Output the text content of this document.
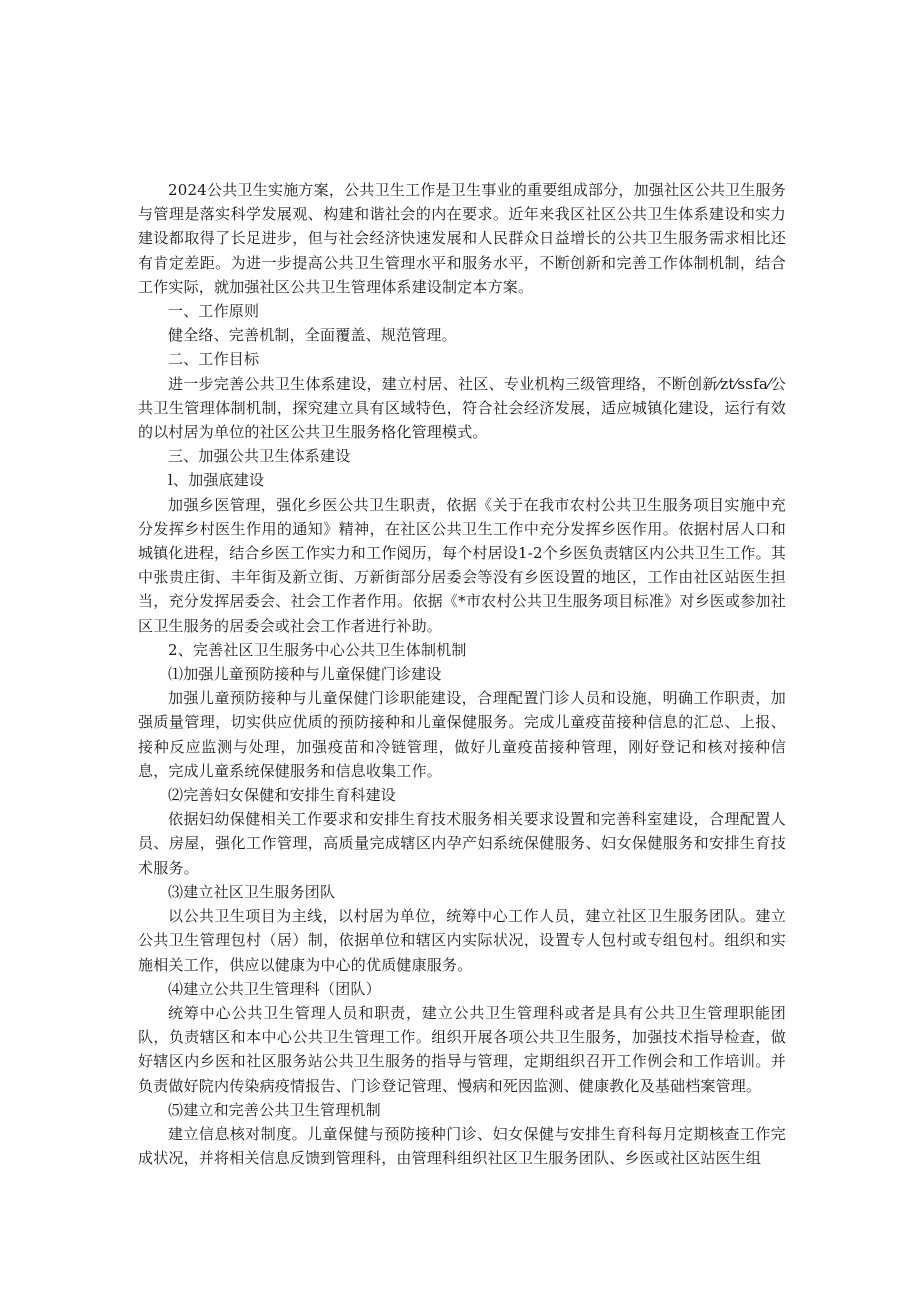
2024公共卫生实施方案，公共卫生工作是卫生事业的重要组成部分，加强社区公共卫生服务与管理是落实科学发展观、构建和谐社会的内在要求。近年来我区社区公共卫生体系建设和实力建设都取得了长足进步，但与社会经济快速发展和人民群众日益增长的公共卫生服务需求相比还有肯定差距。为进一步提高公共卫生管理水平和服务水平，不断创新和完善工作体制机制，结合工作实际，就加强社区公共卫生管理体系建设制定本方案。

一、工作原则

健全络、完善机制，全面覆盖、规范管理。

二、工作目标

进一步完善公共卫生体系建设，建立村居、社区、专业机构三级管理络，不断创新⁄zt⁄ssfa⁄公共卫生管理体制机制，探究建立具有区域特色，符合社会经济发展，适应城镇化建设，运行有效的以村居为单位的社区公共卫生服务格化管理模式。

三、加强公共卫生体系建设

l、加强底建设

加强乡医管理，强化乡医公共卫生职责，依据《关于在我市农村公共卫生服务项目实施中充分发挥乡村医生作用的通知》精神，在社区公共卫生工作中充分发挥乡医作用。依据村居人口和城镇化进程，结合乡医工作实力和工作阅历，每个村居设1-2个乡医负责辖区内公共卫生工作。其中张贵庄街、丰年街及新立街、万新街部分居委会等没有乡医设置的地区，工作由社区站医生担当，充分发挥居委会、社会工作者作用。依据《*市农村公共卫生服务项目标准》对乡医或参加社区卫生服务的居委会或社会工作者进行补助。

2、完善社区卫生服务中心公共卫生体制机制

⑴加强儿童预防接种与儿童保健门诊建设

加强儿童预防接种与儿童保健门诊职能建设，合理配置门诊人员和设施，明确工作职责，加强质量管理，切实供应优质的预防接种和儿童保健服务。完成儿童疫苗接种信息的汇总、上报、接种反应监测与处理，加强疫苗和冷链管理，做好儿童疫苗接种管理，刚好登记和核对接种信息，完成儿童系统保健服务和信息收集工作。

⑵完善妇女保健和安排生育科建设

依据妇幼保健相关工作要求和安排生育技术服务相关要求设置和完善科室建设，合理配置人员、房屋，强化工作管理，高质量完成辖区内孕产妇系统保健服务、妇女保健服务和安排生育技术服务。

⑶建立社区卫生服务团队

以公共卫生项目为主线，以村居为单位，统筹中心工作人员，建立社区卫生服务团队。建立公共卫生管理包村（居）制，依据单位和辖区内实际状况，设置专人包村或专组包村。组织和实施相关工作，供应以健康为中心的优质健康服务。

⑷建立公共卫生管理科（团队）

统筹中心公共卫生管理人员和职责，建立公共卫生管理科或者是具有公共卫生管理职能团队，负责辖区和本中心公共卫生管理工作。组织开展各项公共卫生服务，加强技术指导检查，做好辖区内乡医和社区服务站公共卫生服务的指导与管理，定期组织召开工作例会和工作培训。并负责做好院内传染病疫情报告、门诊登记管理、慢病和死因监测、健康教化及基础档案管理。

⑸建立和完善公共卫生管理机制

建立信息核对制度。儿童保健与预防接种门诊、妇女保健与安排生育科每月定期核查工作完成状况，并将相关信息反馈到管理科，由管理科组织社区卫生服务团队、乡医或社区站医生组
